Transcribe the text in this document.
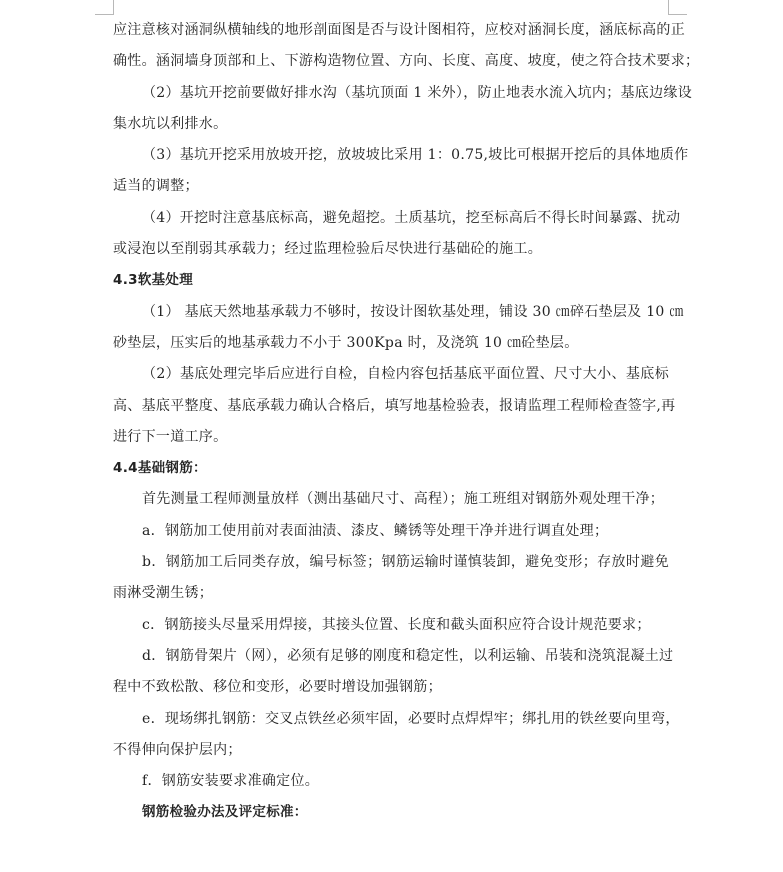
应注意核对涵洞纵横轴线的地形剖面图是否与设计图相符，应校对涵洞长度，涵底标高的正
确性。涵洞墙身顶部和上、下游构造物位置、方向、长度、高度、坡度，使之符合技术要求；
（2）基坑开挖前要做好排水沟（基坑顶面 1 米外），防止地表水流入坑内；基底边缘设
集水坑以利排水。
（3）基坑开挖采用放坡开挖，放坡坡比采用 1：0.75,坡比可根据开挖后的具体地质作
适当的调整；
（4）开挖时注意基底标高，避免超挖。土质基坑，挖至标高后不得长时间暴露、扰动
或浸泡以至削弱其承载力；经过监理检验后尽快进行基础砼的施工。
4.3软基处理
（1） 基底天然地基承载力不够时，按设计图软基处理，铺设 30 ㎝碎石垫层及 10 ㎝
砂垫层，压实后的地基承载力不小于 300Kpa 时，及浇筑 10 ㎝砼垫层。
（2）基底处理完毕后应进行自检，自检内容包括基底平面位置、尺寸大小、基底标
高、基底平整度、基底承载力确认合格后，填写地基检验表，报请监理工程师检查签字,再
进行下一道工序。
4.4基础钢筋：
首先测量工程师测量放样（测出基础尺寸、高程）；施工班组对钢筋外观处理干净；
a．钢筋加工使用前对表面油渍、漆皮、鳞锈等处理干净并进行调直处理；
b．钢筋加工后同类存放，编号标签；钢筋运输时谨慎装卸，避免变形；存放时避免
雨淋受潮生锈；
c．钢筋接头尽量采用焊接，其接头位置、长度和截头面积应符合设计规范要求；
d．钢筋骨架片（网），必须有足够的刚度和稳定性，以利运输、吊装和浇筑混凝土过
程中不致松散、移位和变形，必要时增设加强钢筋；
e．现场绑扎钢筋：交叉点铁丝必须牢固，必要时点焊焊牢；绑扎用的铁丝要向里弯，
不得伸向保护层内；
f．钢筋安装要求准确定位。
钢筋检验办法及评定标准：
